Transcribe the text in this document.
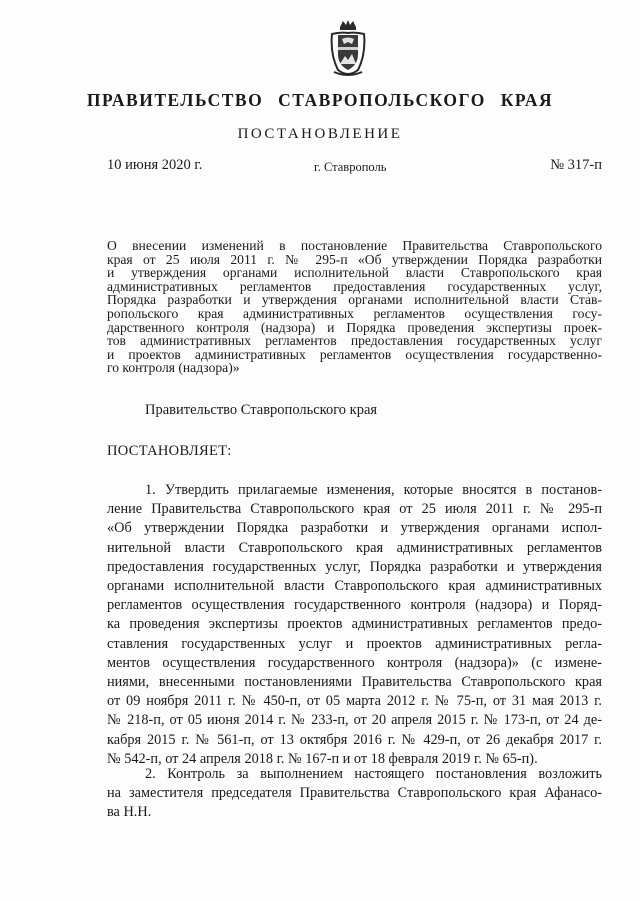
ПРАВИТЕЛЬСТВО СТАВРОПОЛЬСКОГО КРАЯ
ПОСТАНОВЛЕНИЕ
10 июня 2020 г.	г. Ставрополь	№ 317-п
О внесении изменений в постановление Правительства Ставропольского
края от 25 июля 2011 г. № 295-п «Об утверждении Порядка разработки
и утверждения органами исполнительной власти Ставропольского края
административных регламентов предоставления государственных услуг,
Порядка разработки и утверждения органами исполнительной власти Став-
ропольского края административных регламентов осуществления госу-
дарственного контроля (надзора) и Порядка проведения экспертизы проек-
тов административных регламентов предоставления государственных услуг
и проектов административных регламентов осуществления государственно-
го контроля (надзора)»
Правительство Ставропольского края
ПОСТАНОВЛЯЕТ:
1. Утвердить прилагаемые изменения, которые вносятся в постанов-
ление Правительства Ставропольского края от 25 июля 2011 г. № 295-п
«Об утверждении Порядка разработки и утверждения органами испол-
нительной власти Ставропольского края административных регламентов
предоставления государственных услуг, Порядка разработки и утверждения
органами исполнительной власти Ставропольского края административных
регламентов осуществления государственного контроля (надзора) и Поряд-
ка проведения экспертизы проектов административных регламентов предо-
ставления государственных услуг и проектов административных регла-
ментов осуществления государственного контроля (надзора)» (с измене-
ниями, внесенными постановлениями Правительства Ставропольского края
от 09 ноября 2011 г. № 450-п, от 05 марта 2012 г. № 75-п, от 31 мая 2013 г.
№ 218-п, от 05 июня 2014 г. № 233-п, от 20 апреля 2015 г. № 173-п, от 24 де-
кабря 2015 г. № 561-п, от 13 октября 2016 г. № 429-п, от 26 декабря 2017 г.
№ 542-п, от 24 апреля 2018 г. № 167-п и от 18 февраля 2019 г. № 65-п).
2. Контроль за выполнением настоящего постановления возложить
на заместителя председателя Правительства Ставропольского края Афанасо-
ва Н.Н.
